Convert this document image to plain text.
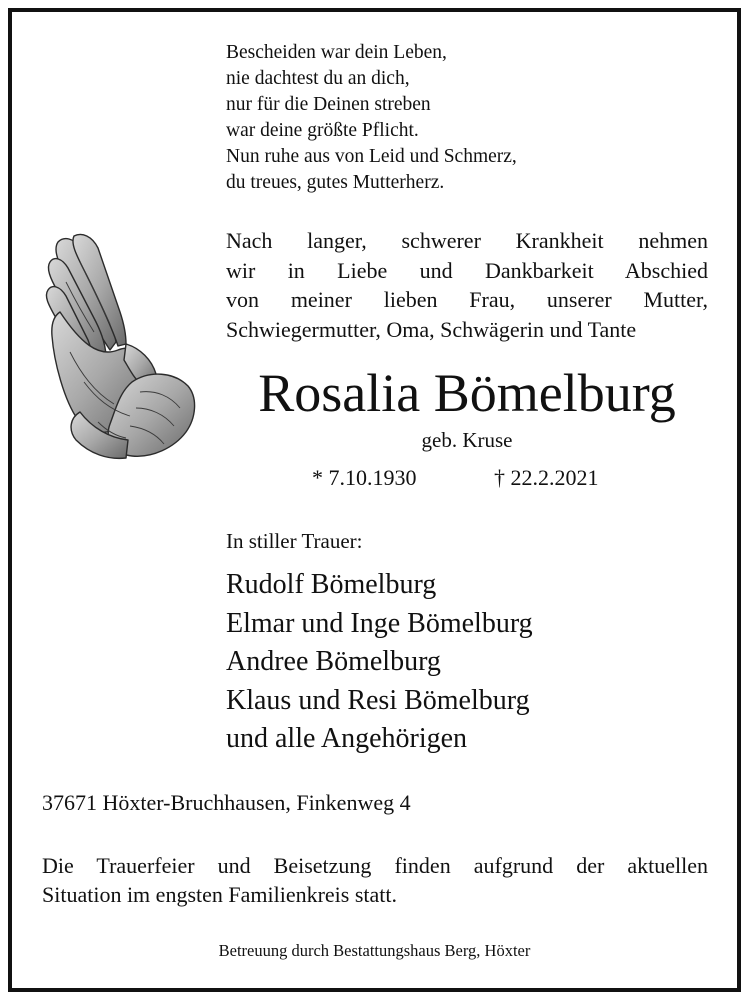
Bescheiden war dein Leben,
nie dachtest du an dich,
nur für die Deinen streben
war deine größte Pflicht.
Nun ruhe aus von Leid und Schmerz,
du treues, gutes Mutterherz.
Nach langer, schwerer Krankheit nehmen
wir in Liebe und Dankbarkeit Abschied
von meiner lieben Frau, unserer Mutter,
Schwiegermutter, Oma, Schwägerin und Tante
Rosalia Bömelburg
geb. Kruse
* 7.10.1930	† 22.2.2021
In stiller Trauer:
Rudolf Bömelburg
Elmar und Inge Bömelburg
Andree Bömelburg
Klaus und Resi Bömelburg
und alle Angehörigen
37671 Höxter-Bruchhausen, Finkenweg 4
Die Trauerfeier und Beisetzung finden aufgrund der aktuellen
Situation im engsten Familienkreis statt.
Betreuung durch Bestattungshaus Berg, Höxter
